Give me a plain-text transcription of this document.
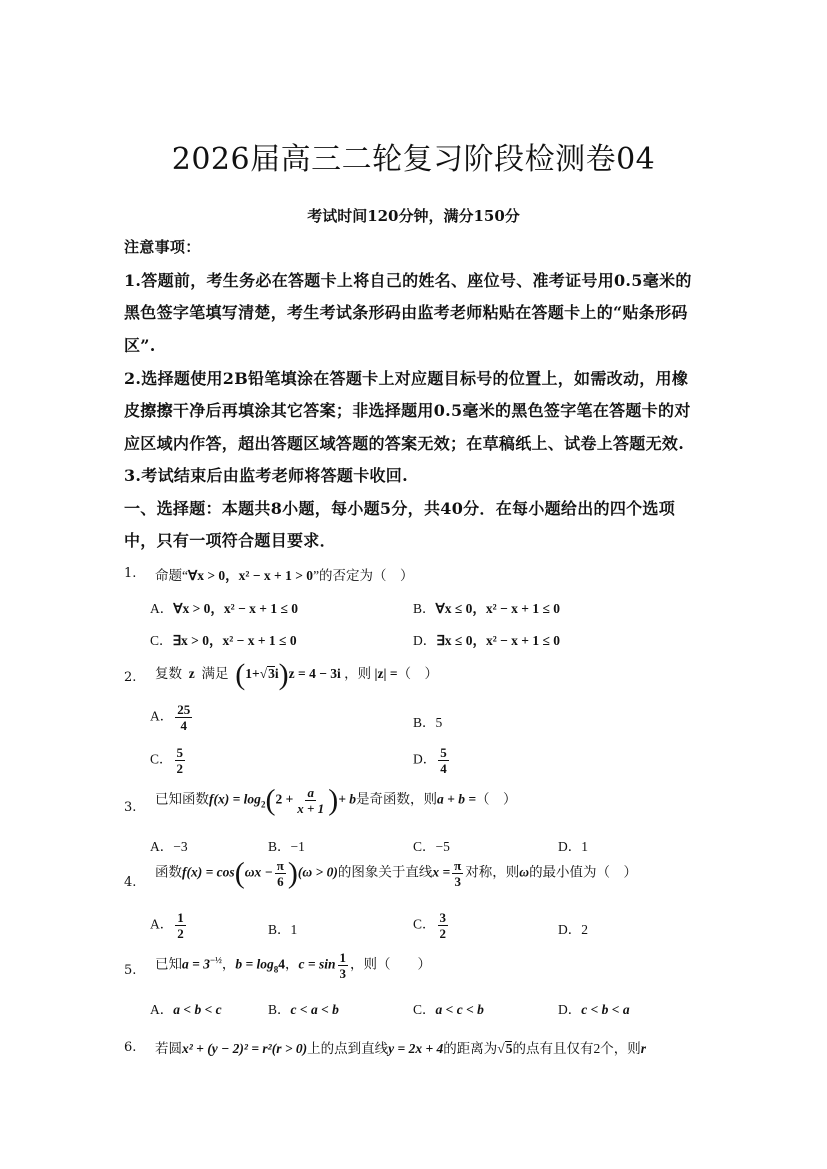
2026届高三二轮复习阶段检测卷04
考试时间120分钟，满分150分
注意事项：
1.答题前，考生务必在答题卡上将自己的姓名、座位号、准考证号用0.5毫米的
黑色签字笔填写清楚，考生考试条形码由监考老师粘贴在答题卡上的“贴条形码
区”.
2.选择题使用2B铅笔填涂在答题卡上对应题目标号的位置上，如需改动，用橡
皮擦擦干净后再填涂其它答案；非选择题用0.5毫米的黑色签字笔在答题卡的对
应区域内作答，超出答题区域答题的答案无效；在草稿纸上、试卷上答题无效.
3.考试结束后由监考老师将答题卡收回.
一、选择题：本题共8小题，每小题5分，共40分．在每小题给出的四个选项
中，只有一项符合题目要求．
1. 命题“∀x > 0，x² − x + 1 > 0”的否定为（　）
A．∀x > 0，x² − x + 1 ≤ 0	B．∀x ≤ 0，x² − x + 1 ≤ 0
C．∃x > 0，x² − x + 1 ≤ 0	D．∃x ≤ 0，x² − x + 1 ≤ 0
2. 复数 z 满足 (1+√3i)z = 4 − 3i ，则 |z| =（　）
A． $\frac{25}{4}$	B．5
C． $\frac{5}{2}$	D． $\frac{5}{4}$
3.
已知函数$f(x) = \log_2(2 + \frac{a}{x + 1}$ )+ b是奇函数，则a + b =（　）
A．−3	B．−1	C．−5	D．1
4.
函数$f(x) = \cos(\omega x - \frac{\pi}{6} )(\omega > 0)$的图象关于直线$x = \frac{\pi}{3}$ 对称，则ω的最小值为（　）
A． $\frac{1}{2}$	B．1	C． $\frac{3}{2}$	D．2
5. 已知$a = 3^{-\frac{1}{2}}$，$b = \log_84$，$c = \sin \frac{1}{3}$ ，则（　　）
A．a < b < c	B．c < a < b	C．a < c < b	D．c < b < a
6. 若圆x² + (y − 2)² = r²(r > 0)上的点到直线y = 2x + 4的距离为√5的点有且仅有2个，则r
